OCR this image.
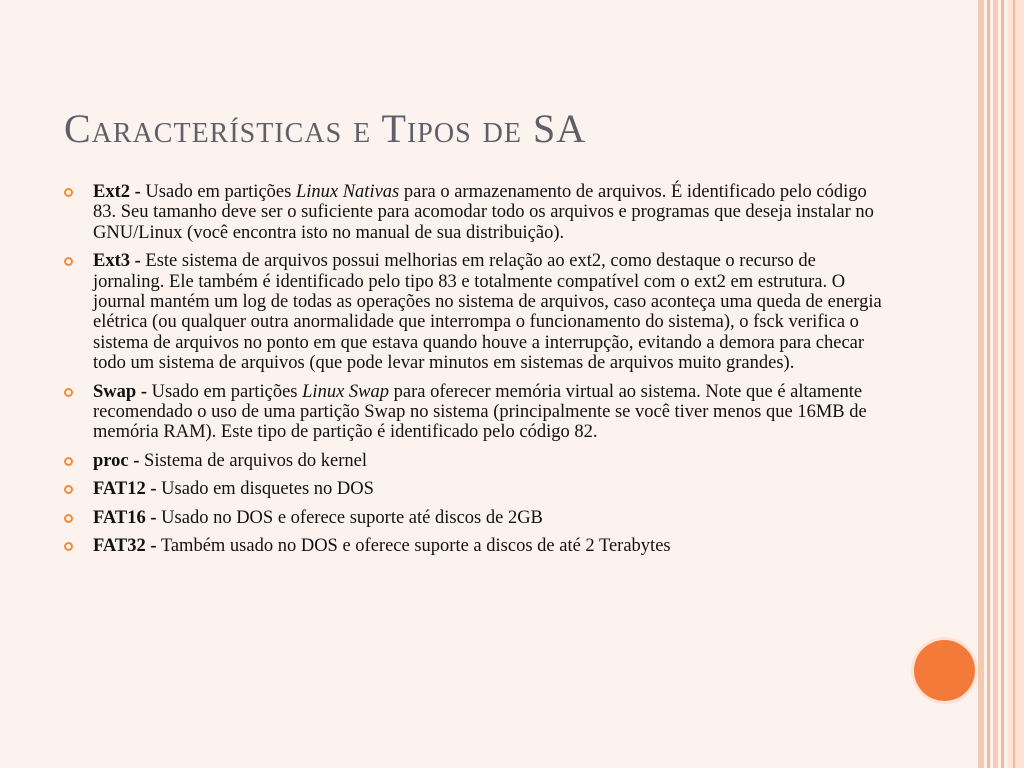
Características e Tipos de SA
Ext2 - Usado em partições Linux Nativas para o armazenamento de arquivos. É identificado pelo código 83. Seu tamanho deve ser o suficiente para acomodar todo os arquivos e programas que deseja instalar no GNU/Linux (você encontra isto no manual de sua distribuição).
Ext3 - Este sistema de arquivos possui melhorias em relação ao ext2, como destaque o recurso de jornaling. Ele também é identificado pelo tipo 83 e totalmente compatível com o ext2 em estrutura. O journal mantém um log de todas as operações no sistema de arquivos, caso aconteça uma queda de energia elétrica (ou qualquer outra anormalidade que interrompa o funcionamento do sistema), o fsck verifica o sistema de arquivos no ponto em que estava quando houve a interrupção, evitando a demora para checar todo um sistema de arquivos (que pode levar minutos em sistemas de arquivos muito grandes).
Swap - Usado em partições Linux Swap para oferecer memória virtual ao sistema. Note que é altamente recomendado o uso de uma partição Swap no sistema (principalmente se você tiver menos que 16MB de memória RAM). Este tipo de partição é identificado pelo código 82.
proc - Sistema de arquivos do kernel
FAT12 - Usado em disquetes no DOS
FAT16 - Usado no DOS e oferece suporte até discos de 2GB
FAT32 - Também usado no DOS e oferece suporte a discos de até 2 Terabytes
